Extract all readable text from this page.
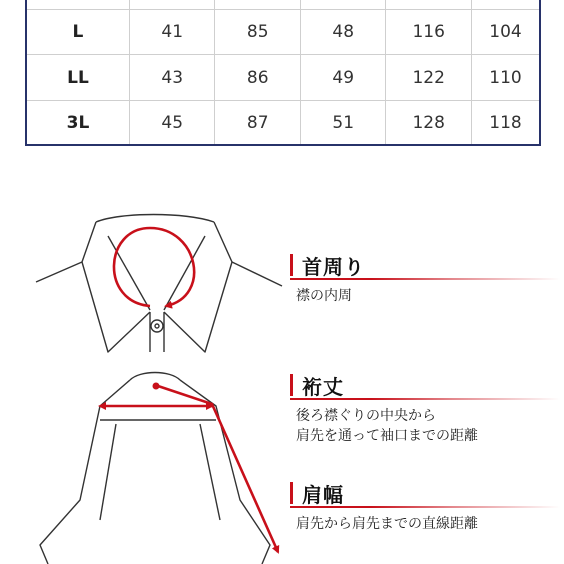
L	41	85	48	116	104
LL	43	86	49	122	110
3L	45	87	51	128	118
首周り
襟の内周
裄丈
後ろ襟ぐりの中央から
肩先を通って袖口までの距離
肩幅
肩先から肩先までの直線距離
